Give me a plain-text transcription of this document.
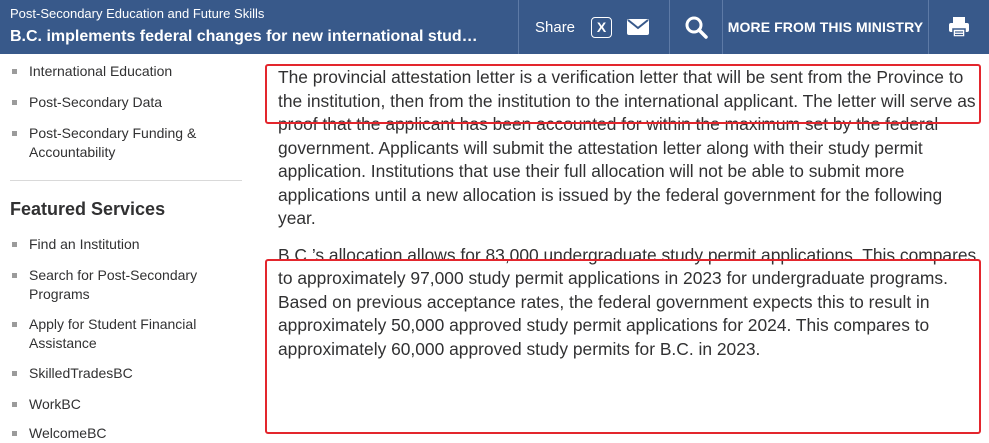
Post-Secondary Education and Future Skills
B.C. implements federal changes for new international stud…
Share	X	MORE FROM THIS MINISTRY
International Education
Post-Secondary Data
Post-Secondary Funding & Accountability
Featured Services
Find an Institution
Search for Post-Secondary Programs
Apply for Student Financial Assistance
SkilledTradesBC
WorkBC
WelcomeBC

The provincial attestation letter is a verification letter that will be sent from the Province to the institution, then from the institution to the international applicant. The letter will serve as proof that the applicant has been accounted for within the maximum set by the federal government. Applicants will submit the attestation letter along with their study permit application. Institutions that use their full allocation will not be able to submit more applications until a new allocation is issued by the federal government for the following year.

B.C.’s allocation allows for 83,000 undergraduate study permit applications. This compares to approximately 97,000 study permit applications in 2023 for undergraduate programs. Based on previous acceptance rates, the federal government expects this to result in approximately 50,000 approved study permit applications for 2024. This compares to approximately 60,000 approved study permits for B.C. in 2023.
